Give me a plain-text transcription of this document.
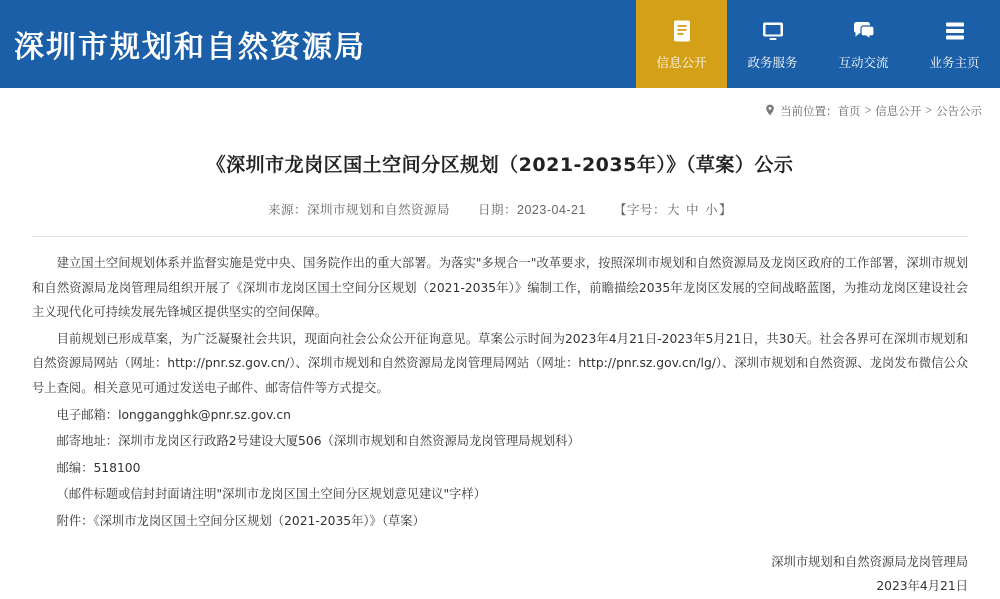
深圳市规划和自然资源局	信息公开	政务服务	互动交流	业务主页
当前位置： 首页 > 信息公开 > 公告公示
《深圳市龙岗区国土空间分区规划（2021-2035年）》（草案）公示
来源：深圳市规划和自然资源局 日期：2023-04-21 【字号：大 中 小】

建立国土空间规划体系并监督实施是党中央、国务院作出的重大部署。为落实"多规合一"改革要求，按照深圳市规划和自然资源局及龙岗区政府的工作部署，深圳市规划和自然资源局龙岗管理局组织开展了《深圳市龙岗区国土空间分区规划（2021-2035年）》编制工作，前瞻描绘2035年龙岗区发展的空间战略蓝图，为推动龙岗区建设社会主义现代化可持续发展先锋城区提供坚实的空间保障。

目前规划已形成草案，为广泛凝聚社会共识，现面向社会公众公开征询意见。草案公示时间为2023年4月21日-2023年5月21日，共30天。社会各界可在深圳市规划和自然资源局网站（网址：http://pnr.sz.gov.cn/）、深圳市规划和自然资源局龙岗管理局网站（网址：http://pnr.sz.gov.cn/lg/）、深圳市规划和自然资源、龙岗发布微信公众号上查阅。相关意见可通过发送电子邮件、邮寄信件等方式提交。

电子邮箱：longgangghk@pnr.sz.gov.cn

邮寄地址：深圳市龙岗区行政路2号建设大厦506（深圳市规划和自然资源局龙岗管理局规划科）

邮编：518100

（邮件标题或信封封面请注明"深圳市龙岗区国土空间分区规划意见建议"字样）

附件：《深圳市龙岗区国土空间分区规划（2021-2035年）》（草案）

深圳市规划和自然资源局龙岗管理局
2023年4月21日
